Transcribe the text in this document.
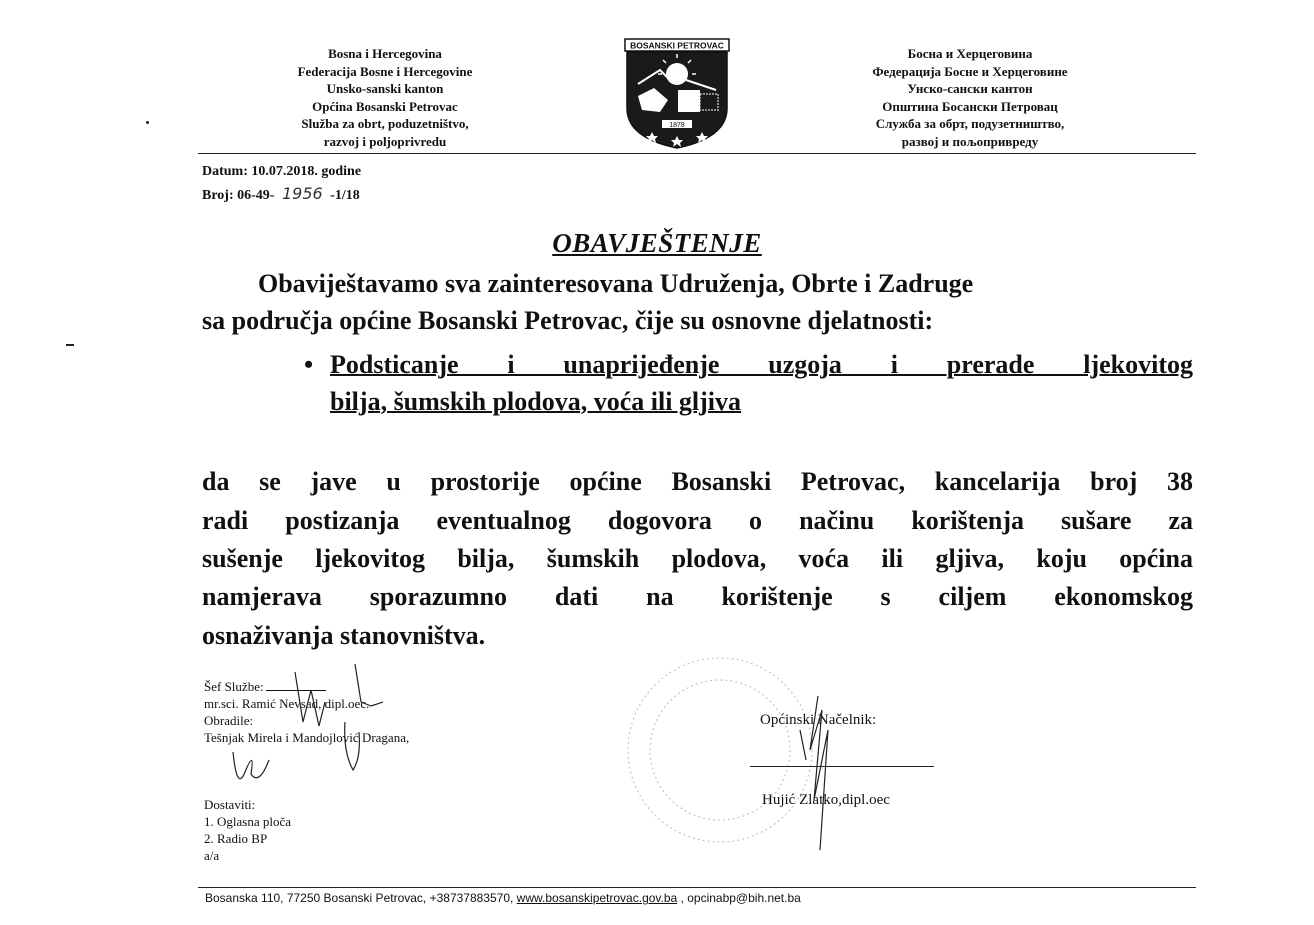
Bosna i Hercegovina
Federacija Bosne i Hercegovine
Unsko-sanski kanton
Općina Bosanski Petrovac
Služba za obrt, poduzetništvo,
razvoj i poljoprivredu
BOSANSKI PETROVAC
1878
Босна и Херцеговина
Федерација Босне и Херцеговине
Унско-сански кантон
Општина Босански Петровац
Служба за обрт, подузетништво,
развој и пољопривреду
Datum: 10.07.2018. godine
Broj: 06-49- 1956 -1/18
OBAVJEŠTENJE
Obaviještavamo sva zainteresovana Udruženja, Obrte i Zadruge
sa područja općine Bosanski Petrovac, čije su osnovne djelatnosti:
• Podsticanje i unaprijeđenje uzgoja i prerade ljekovitog
bilja, šumskih plodova, voća ili gljiva
da se jave u prostorije općine Bosanski Petrovac, kancelarija broj 38
radi postizanja eventualnog dogovora o načinu korištenja sušare za
sušenje ljekovitog bilja, šumskih plodova, voća ili gljiva, koju općina
namjerava sporazumno dati na korištenje s ciljem ekonomskog
osnaživanja stanovništva.
Šef Službe:
mr.sci. Ramić Nevsad, dipl.oec.
Obradile:
Tešnjak Mirela i Mandojlović Dragana,
Dostaviti:
1. Oglasna ploča
2. Radio BP
a/a
Općinski Načelnik:
Hujić Zlatko,dipl.oec
Bosanska 110, 77250 Bosanski Petrovac, +38737883570, www.bosanskipetrovac.gov.ba , opcinabp@bih.net.ba
